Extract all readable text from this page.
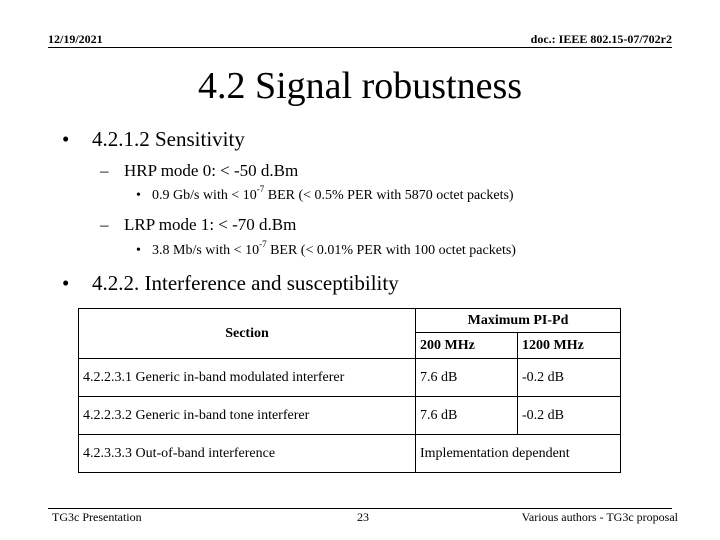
12/19/2021	doc.: IEEE 802.15-07/702r2
4.2 Signal robustness
• 4.2.1.2 Sensitivity
– HRP mode 0: < -50 d.Bm
• 0.9 Gb/s with < $10^{-7}$ BER (< 0.5% PER with 5870 octet packets)
– LRP mode 1: < -70 d.Bm
• 3.8 Mb/s with < $10^{-7}$ BER (< 0.01% PER with 100 octet packets)
• 4.2.2. Interference and susceptibility
Section	Maximum PI-Pd	
	200 MHz	1200 MHz
4.2.2.3.1 Generic in-band modulated interferer	7.6 dB	-0.2 dB
4.2.2.3.2 Generic in-band tone interferer	7.6 dB	-0.2 dB
4.2.3.3.3 Out-of-band interference	Implementation dependent	
TG3c Presentation	23	Various authors - TG3c proposal
